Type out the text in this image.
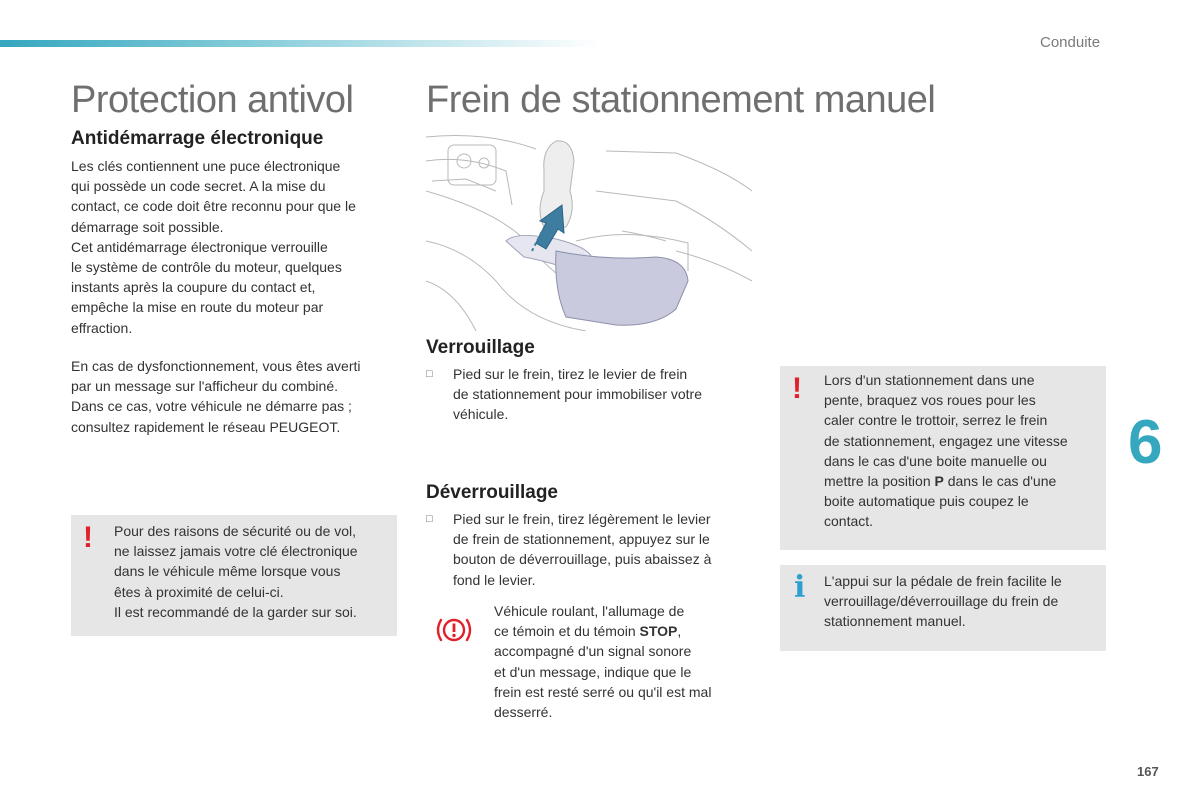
Conduite
6
167
Protection antivol
Antidémarrage électronique

Les clés contiennent une puce électronique
qui possède un code secret. A la mise du
contact, ce code doit être reconnu pour que le
démarrage soit possible.
Cet antidémarrage électronique verrouille
le système de contrôle du moteur, quelques
instants après la coupure du contact et,
empêche la mise en route du moteur par
effraction.

En cas de dysfonctionnement, vous êtes averti
par un message sur l'afficheur du combiné.
Dans ce cas, votre véhicule ne démarre pas ;
consultez rapidement le réseau PEUGEOT.

! Pour des raisons de sécurité ou de vol,
ne laissez jamais votre clé électronique
dans le véhicule même lorsque vous
êtes à proximité de celui-ci.
Il est recommandé de la garder sur soi.
Frein de stationnement manuel
Verrouillage
□ Pied sur le frein, tirez le levier de frein
de stationnement pour immobiliser votre
véhicule.
Déverrouillage
□ Pied sur le frein, tirez légèrement le levier
de frein de stationnement, appuyez sur le
bouton de déverrouillage, puis abaissez à
fond le levier.
Véhicule roulant, l'allumage de
ce témoin et du témoin STOP,
accompagné d'un signal sonore
et d'un message, indique que le
frein est resté serré ou qu'il est mal
desserré.
! Lors d'un stationnement dans une
pente, braquez vos roues pour les
caler contre le trottoir, serrez le frein
de stationnement, engagez une vitesse
dans le cas d'une boite manuelle ou
mettre la position P dans le cas d'une
boite automatique puis coupez le
contact.
i L'appui sur la pédale de frein facilite le
verrouillage/déverrouillage du frein de
stationnement manuel.
